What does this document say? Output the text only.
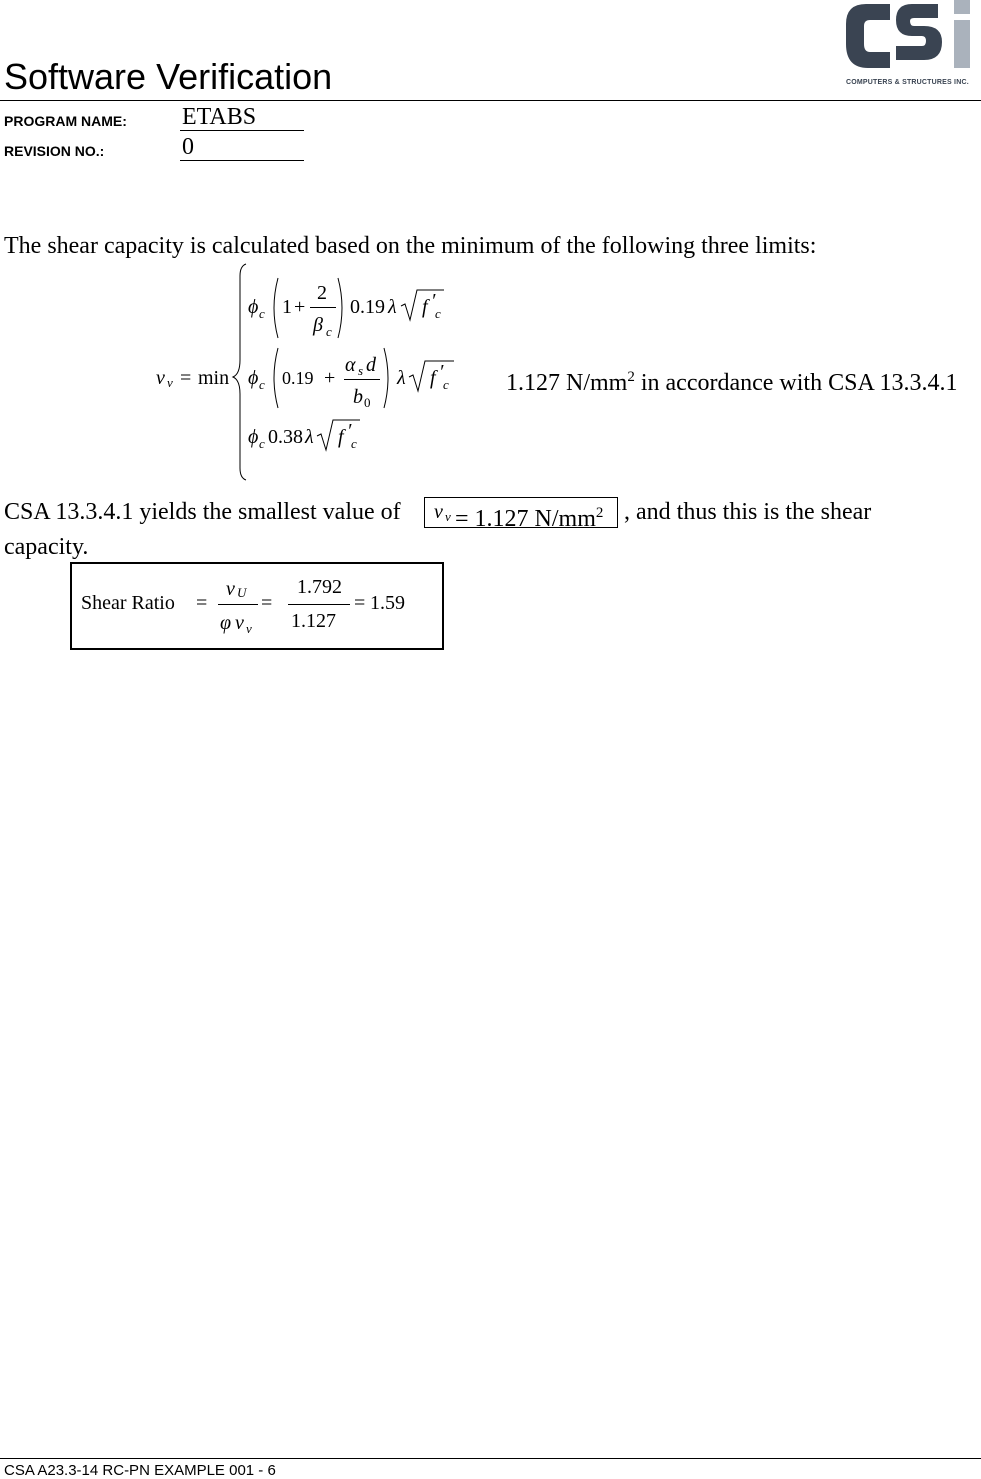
Software Verification	COMPUTERS & STRUCTURES INC.
PROGRAM NAME: ETABS
REVISION NO.:	0
The shear capacity is calculated based on the minimum of the following three limits:
v v = min
ϕ c 1 +
2
β c
0.19 λ f ′
c
ϕ c 0.19 +
α s d
b 0
λ f ′
c
ϕ c 0.38 λ f ′
c
1.127 $N/mm^2$ in accordance with CSA 13.3.4.1
CSA 13.3.4.1 yields the smallest value of v v = 1.127 $N/mm^2$ , and thus this is the shear
capacity.
Shear Ratio =
v U
φ v v
=
1.792
1.127
= 1.59
CSA A23.3-14 RC-PN EXAMPLE 001 - 6
